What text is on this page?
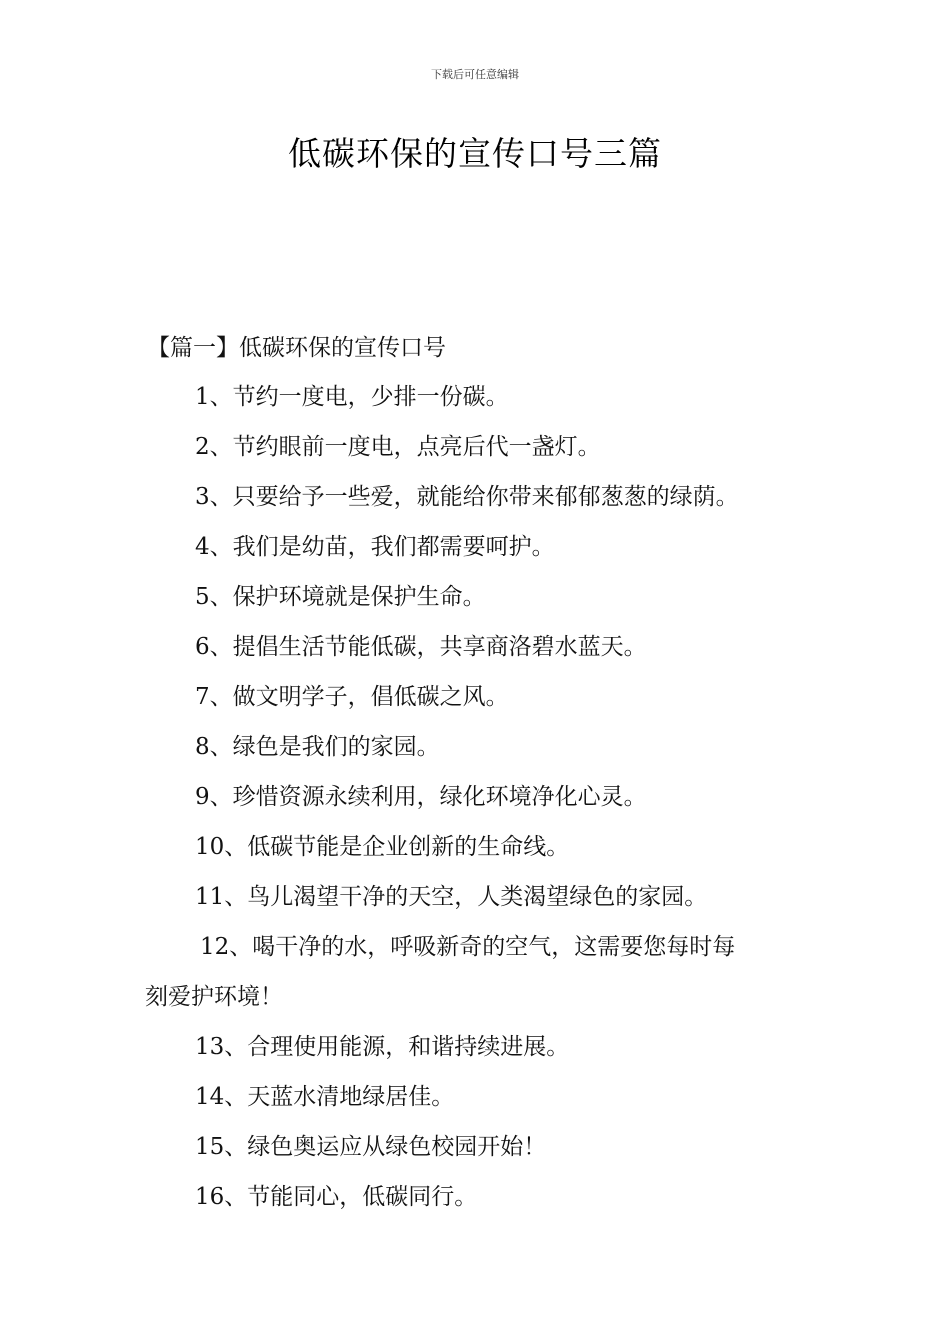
下载后可任意编辑
低碳环保的宣传口号三篇
【篇一】低碳环保的宣传口号
1、节约一度电，少排一份碳。
2、节约眼前一度电，点亮后代一盏灯。
3、只要给予一些爱，就能给你带来郁郁葱葱的绿荫。
4、我们是幼苗，我们都需要呵护。
5、保护环境就是保护生命。
6、提倡生活节能低碳，共享商洛碧水蓝天。
7、做文明学子，倡低碳之风。
8、绿色是我们的家园。
9、珍惜资源永续利用，绿化环境净化心灵。
10、低碳节能是企业创新的生命线。
11、鸟儿渴望干净的天空，人类渴望绿色的家园。
12、喝干净的水，呼吸新奇的空气，这需要您每时每
刻爱护环境！
13、合理使用能源，和谐持续进展。
14、天蓝水清地绿居佳。
15、绿色奥运应从绿色校园开始！
16、节能同心，低碳同行。
